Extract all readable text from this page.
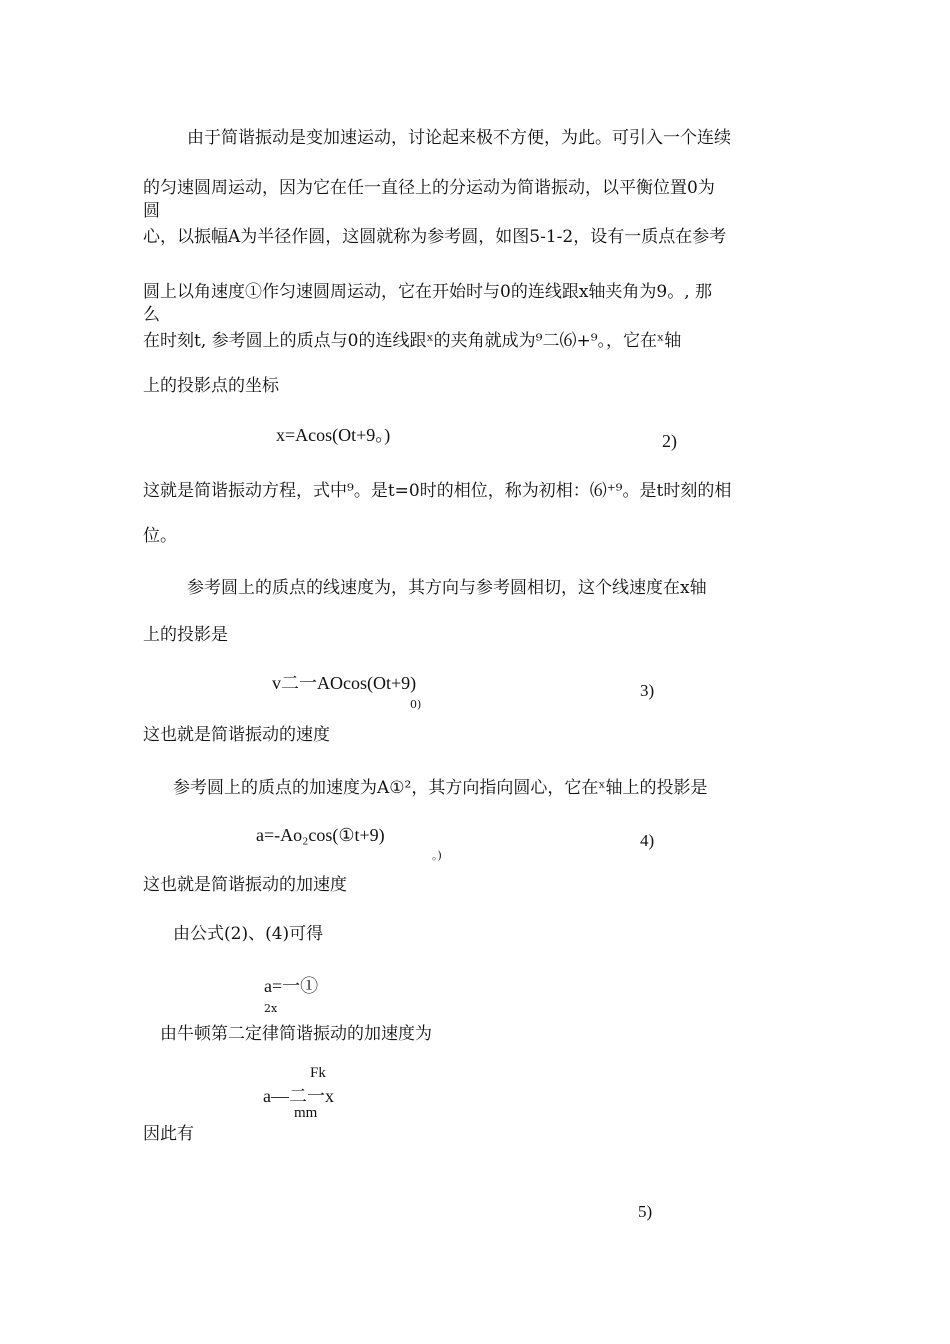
由于简谐振动是变加速运动，讨论起来极不方便，为此。可引入一个连续
的匀速圆周运动，因为它在任一直径上的分运动为简谐振动，以平衡位置0为
圆
心，以振幅A为半径作圆，这圆就称为参考圆，如图5-1-2，设有一质点在参考
圆上以角速度①作匀速圆周运动，它在开始时与0的连线跟x轴夹角为9。, 那
么
在时刻t, 参考圆上的质点与0的连线跟ˣ的夹角就成为⁹二⑹+⁹。，它在ˣ轴
上的投影点的坐标
x=Acos(Ot+9。)	2)
这就是简谐振动方程，式中⁹。是t=0时的相位，称为初相：⑹⁺⁹。是t时刻的相
位。
参考圆上的质点的线速度为，其方向与参考圆相切，这个线速度在x轴
上的投影是
v二一AOcos(Ot+9)
0)
3)
这也就是简谐振动的速度
参考圆上的质点的加速度为A①²，其方向指向圆心，它在ˣ轴上的投影是
a=-Ao₂cos(①t+9)
。)
4)
这也就是简谐振动的加速度
由公式(2)、(4)可得
a=一①
2x
由牛顿第二定律简谐振动的加速度为
Fk
a—二一x
mm
因此有
5)
